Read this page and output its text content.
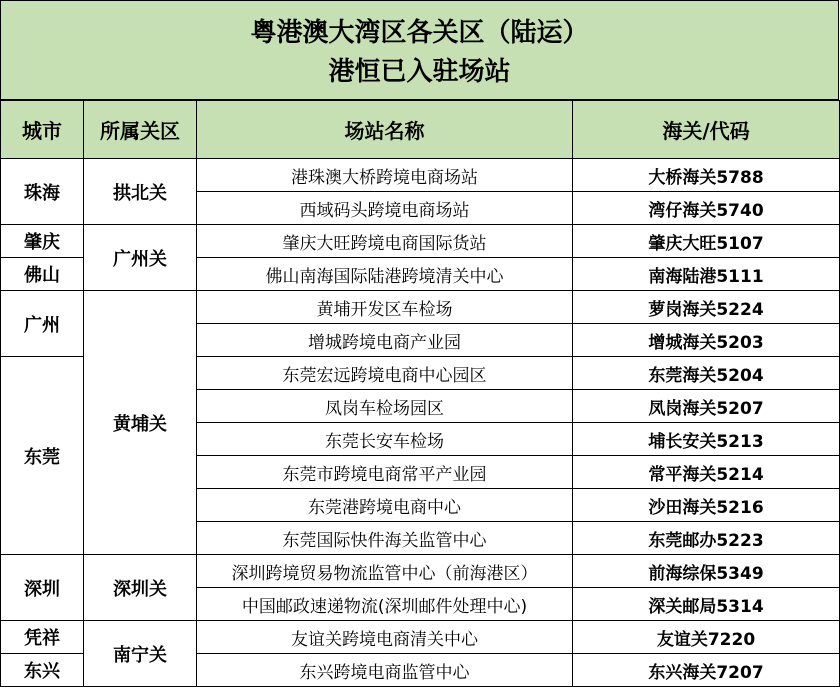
粤港澳大湾区各关区（陆运）
港恒已入驻场站
城市	所属关区	场站名称	海关/代码
珠海	拱北关	港珠澳大桥跨境电商场站	大桥海关5788
		西域码头跨境电商场站	湾仔海关5740
肇庆	广州关	肇庆大旺跨境电商国际货站	肇庆大旺5107
佛山		佛山南海国际陆港跨境清关中心	南海陆港5111
广州	黄埔关	黄埔开发区车检场	萝岗海关5224
		增城跨境电商产业园	增城海关5203
东莞		东莞宏远跨境电商中心园区	东莞海关5204
		凤岗车检场园区	凤岗海关5207
		东莞长安车检场	埔长安关5213
		东莞市跨境电商常平产业园	常平海关5214
		东莞港跨境电商中心	沙田海关5216
		东莞国际快件海关监管中心	东莞邮办5223
深圳	深圳关	深圳跨境贸易物流监管中心（前海港区）	前海综保5349
		中国邮政速递物流(深圳邮件处理中心)	深关邮局5314
凭祥	南宁关	友谊关跨境电商清关中心	友谊关7220
东兴		东兴跨境电商监管中心	东兴海关7207
